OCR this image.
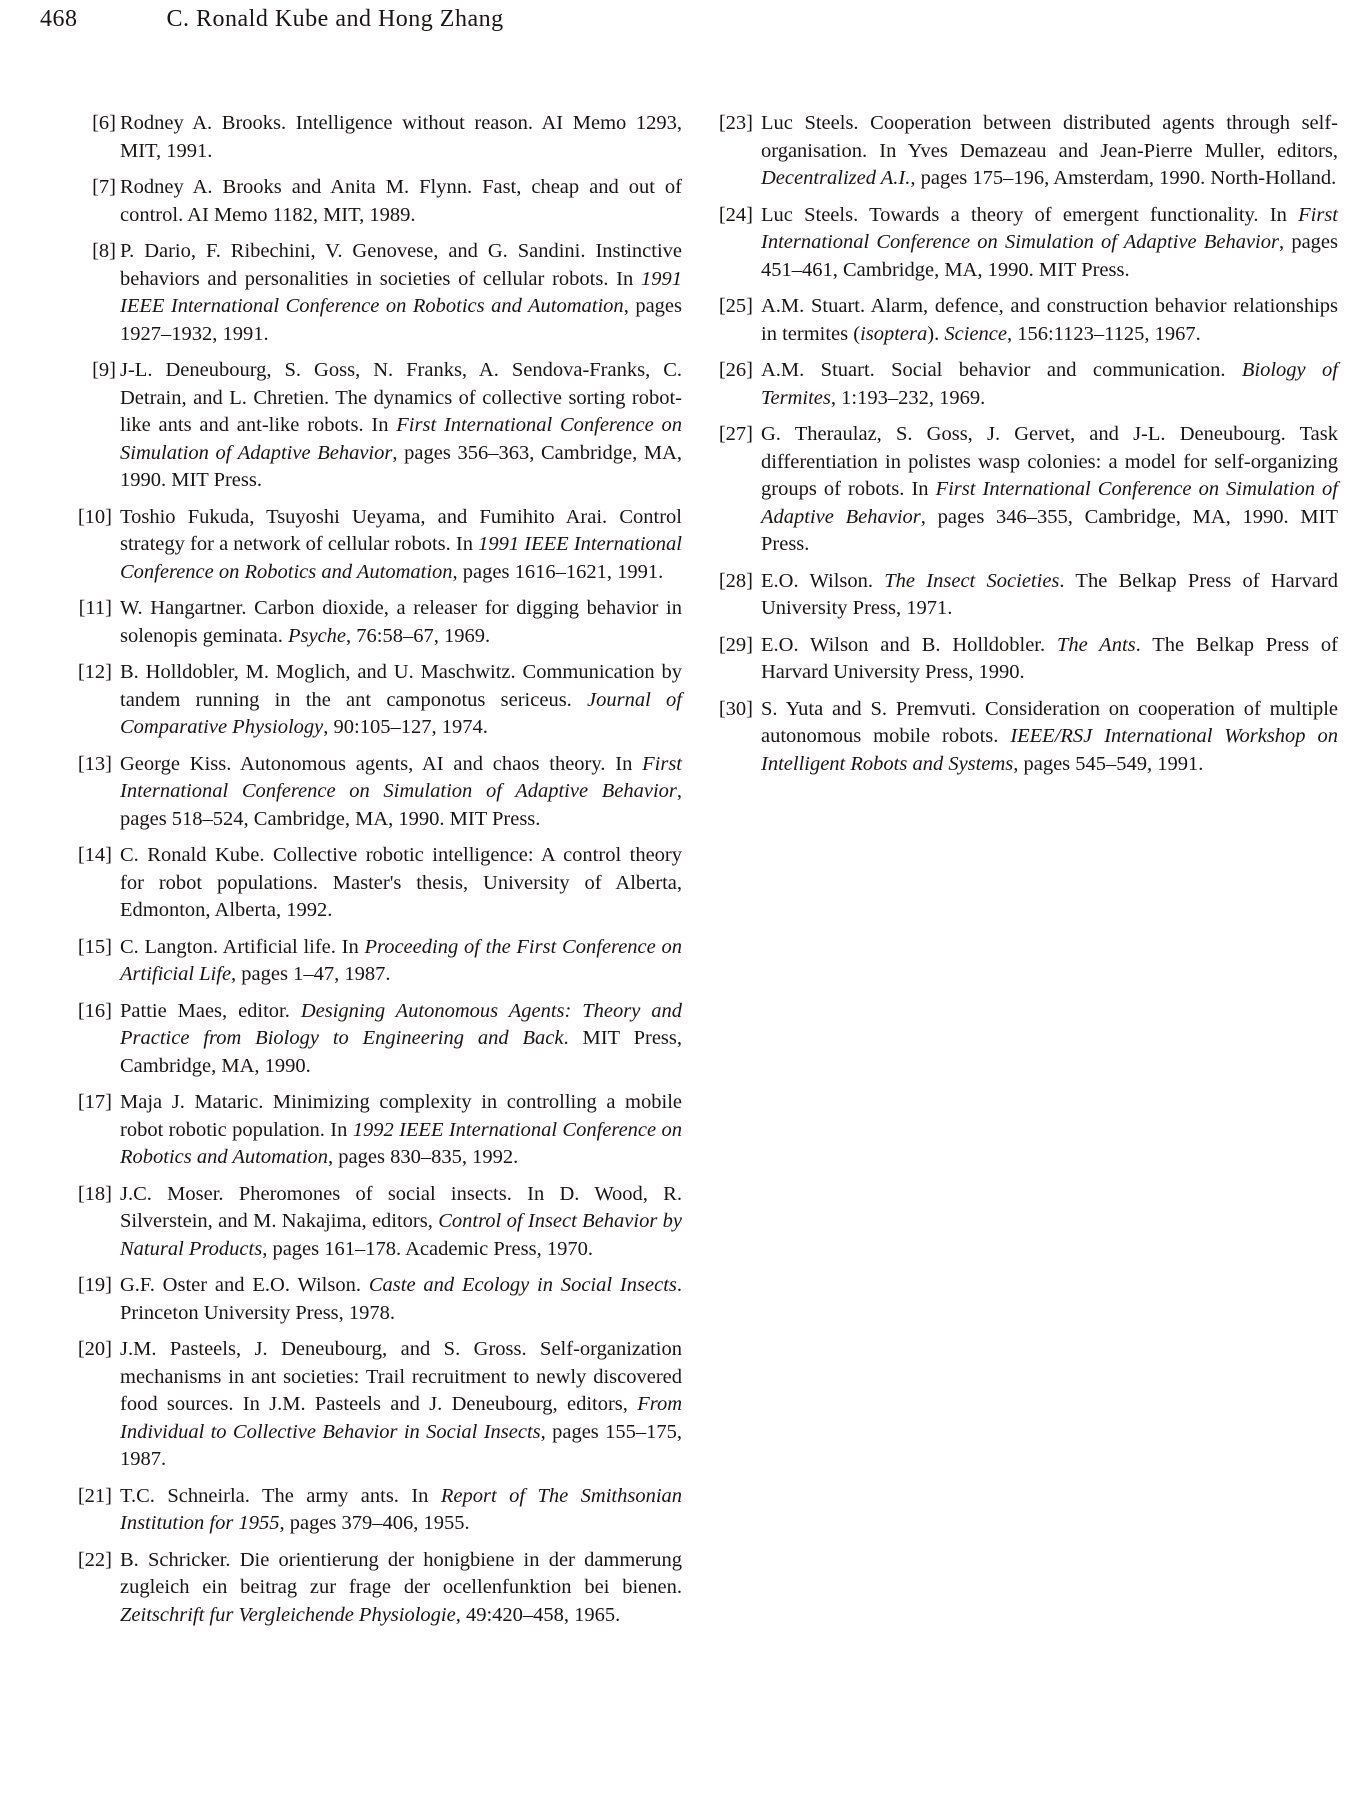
468	C. Ronald Kube and Hong Zhang
[6] Rodney A. Brooks. Intelligence without reason. AI Memo 1293, MIT, 1991.
[7] Rodney A. Brooks and Anita M. Flynn. Fast, cheap and out of control. AI Memo 1182, MIT, 1989.
[8] P. Dario, F. Ribechini, V. Genovese, and G. Sandini. Instinctive behaviors and personalities in societies of cellular robots. In 1991 IEEE International Conference on Robotics and Automation, pages 1927–1932, 1991.
[9] J-L. Deneubourg, S. Goss, N. Franks, A. Sendova-Franks, C. Detrain, and L. Chretien. The dynamics of collective sorting robot-like ants and ant-like robots. In First International Conference on Simulation of Adaptive Behavior, pages 356–363, Cambridge, MA, 1990. MIT Press.
[10] Toshio Fukuda, Tsuyoshi Ueyama, and Fumihito Arai. Control strategy for a network of cellular robots. In 1991 IEEE International Conference on Robotics and Automation, pages 1616–1621, 1991.
[11] W. Hangartner. Carbon dioxide, a releaser for digging behavior in solenopis geminata. Psyche, 76:58–67, 1969.
[12] B. Holldobler, M. Moglich, and U. Maschwitz. Communication by tandem running in the ant camponotus sericeus. Journal of Comparative Physiology, 90:105–127, 1974.
[13] George Kiss. Autonomous agents, AI and chaos theory. In First International Conference on Simulation of Adaptive Behavior, pages 518–524, Cambridge, MA, 1990. MIT Press.
[14] C. Ronald Kube. Collective robotic intelligence: A control theory for robot populations. Master's thesis, University of Alberta, Edmonton, Alberta, 1992.
[15] C. Langton. Artificial life. In Proceeding of the First Conference on Artificial Life, pages 1–47, 1987.
[16] Pattie Maes, editor. Designing Autonomous Agents: Theory and Practice from Biology to Engineering and Back. MIT Press, Cambridge, MA, 1990.
[17] Maja J. Mataric. Minimizing complexity in controlling a mobile robot robotic population. In 1992 IEEE International Conference on Robotics and Automation, pages 830–835, 1992.
[18] J.C. Moser. Pheromones of social insects. In D. Wood, R. Silverstein, and M. Nakajima, editors, Control of Insect Behavior by Natural Products, pages 161–178. Academic Press, 1970.
[19] G.F. Oster and E.O. Wilson. Caste and Ecology in Social Insects. Princeton University Press, 1978.
[20] J.M. Pasteels, J. Deneubourg, and S. Gross. Self-organization mechanisms in ant societies: Trail recruitment to newly discovered food sources. In J.M. Pasteels and J. Deneubourg, editors, From Individual to Collective Behavior in Social Insects, pages 155–175, 1987.
[21] T.C. Schneirla. The army ants. In Report of The Smithsonian Institution for 1955, pages 379–406, 1955.
[22] B. Schricker. Die orientierung der honigbiene in der dammerung zugleich ein beitrag zur frage der ocellenfunktion bei bienen. Zeitschrift fur Vergleichende Physiologie, 49:420–458, 1965.
[23] Luc Steels. Cooperation between distributed agents through self-organisation. In Yves Demazeau and Jean-Pierre Muller, editors, Decentralized A.I., pages 175–196, Amsterdam, 1990. North-Holland.
[24] Luc Steels. Towards a theory of emergent functionality. In First International Conference on Simulation of Adaptive Behavior, pages 451–461, Cambridge, MA, 1990. MIT Press.
[25] A.M. Stuart. Alarm, defence, and construction behavior relationships in termites (isoptera). Science, 156:1123–1125, 1967.
[26] A.M. Stuart. Social behavior and communication. Biology of Termites, 1:193–232, 1969.
[27] G. Theraulaz, S. Goss, J. Gervet, and J-L. Deneubourg. Task differentiation in polistes wasp colonies: a model for self-organizing groups of robots. In First International Conference on Simulation of Adaptive Behavior, pages 346–355, Cambridge, MA, 1990. MIT Press.
[28] E.O. Wilson. The Insect Societies. The Belkap Press of Harvard University Press, 1971.
[29] E.O. Wilson and B. Holldobler. The Ants. The Belkap Press of Harvard University Press, 1990.
[30] S. Yuta and S. Premvuti. Consideration on cooperation of multiple autonomous mobile robots. IEEE/RSJ International Workshop on Intelligent Robots and Systems, pages 545–549, 1991.
